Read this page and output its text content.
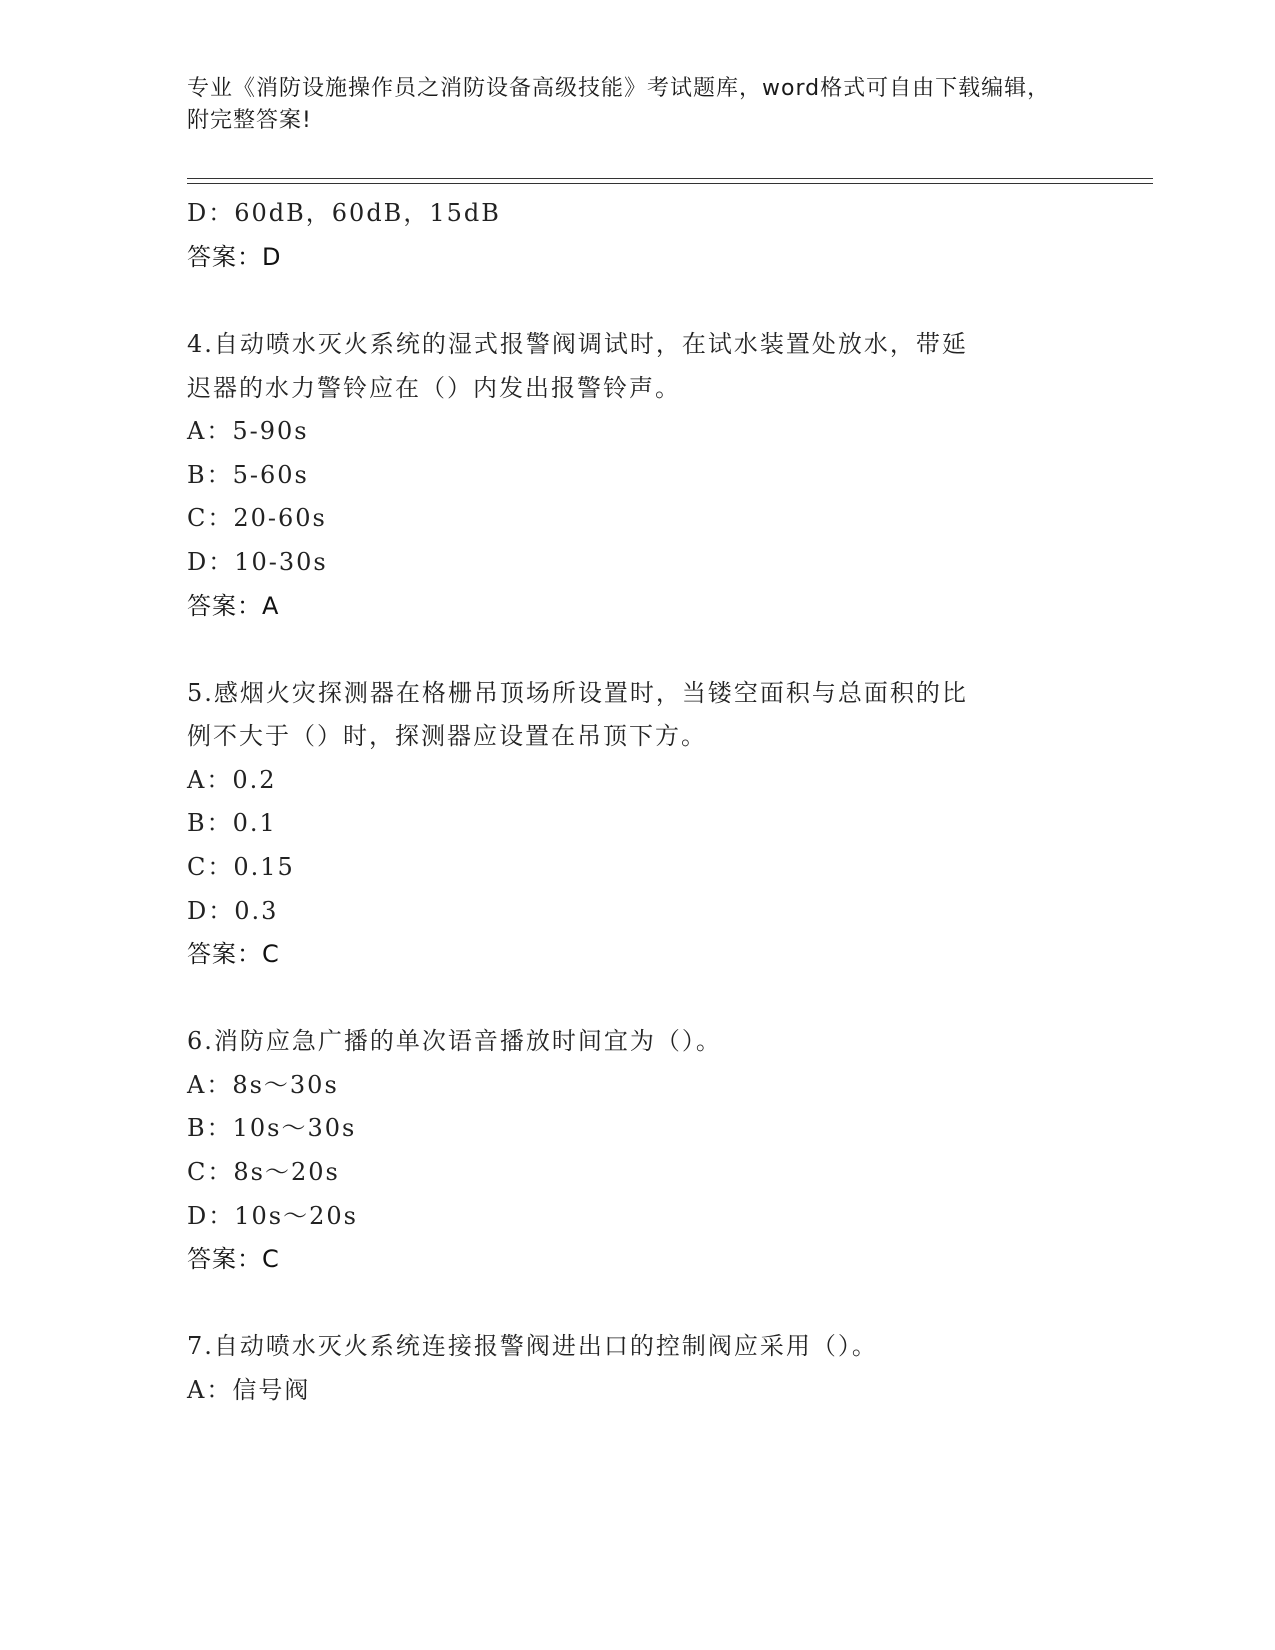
专业《消防设施操作员之消防设备高级技能》考试题库，word格式可自由下载编辑，附完整答案!
D：60dB，60dB，15dB
答案：D
4.自动喷水灭火系统的湿式报警阀调试时，在试水装置处放水，带延
迟器的水力警铃应在（）内发出报警铃声。
A：5-90s
B：5-60s
C：20-60s
D：10-30s
答案：A
5.感烟火灾探测器在格栅吊顶场所设置时，当镂空面积与总面积的比
例不大于（）时，探测器应设置在吊顶下方。
A：0.2
B：0.1
C：0.15
D：0.3
答案：C
6.消防应急广播的单次语音播放时间宜为（）。
A：8s～30s
B：10s～30s
C：8s～20s
D：10s～20s
答案：C
7.自动喷水灭火系统连接报警阀进出口的控制阀应采用（）。
A：信号阀
